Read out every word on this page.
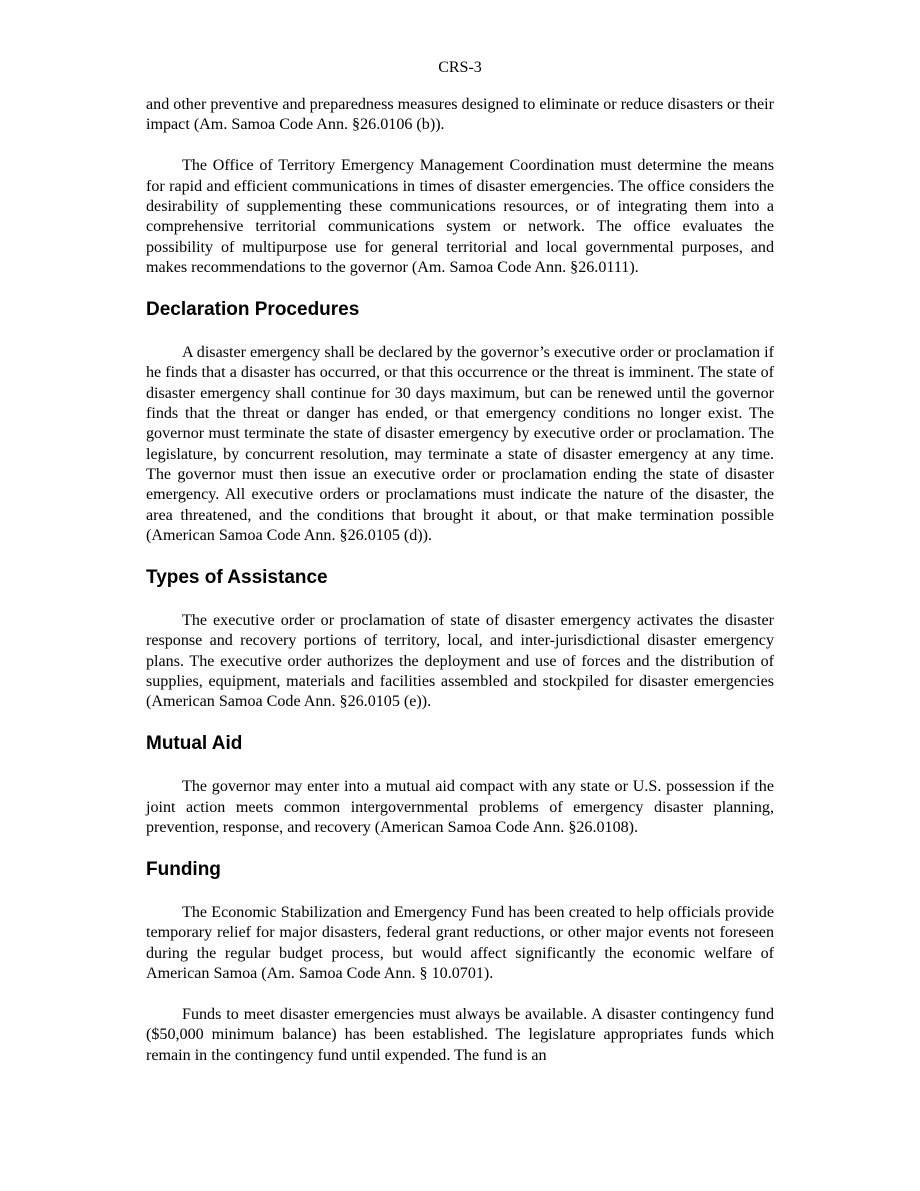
CRS-3

and other preventive and preparedness measures designed to eliminate or reduce disasters or their impact (Am. Samoa Code Ann. §26.0106 (b)).

The Office of Territory Emergency Management Coordination must determine the means for rapid and efficient communications in times of disaster emergencies. The office considers the desirability of supplementing these communications resources, or of integrating them into a comprehensive territorial communications system or network. The office evaluates the possibility of multipurpose use for general territorial and local governmental purposes, and makes recommendations to the governor (Am. Samoa Code Ann. §26.0111).

Declaration Procedures

A disaster emergency shall be declared by the governor’s executive order or proclamation if he finds that a disaster has occurred, or that this occurrence or the threat is imminent. The state of disaster emergency shall continue for 30 days maximum, but can be renewed until the governor finds that the threat or danger has ended, or that emergency conditions no longer exist. The governor must terminate the state of disaster emergency by executive order or proclamation. The legislature, by concurrent resolution, may terminate a state of disaster emergency at any time. The governor must then issue an executive order or proclamation ending the state of disaster emergency. All executive orders or proclamations must indicate the nature of the disaster, the area threatened, and the conditions that brought it about, or that make termination possible (American Samoa Code Ann. §26.0105 (d)).

Types of Assistance

The executive order or proclamation of state of disaster emergency activates the disaster response and recovery portions of territory, local, and inter-jurisdictional disaster emergency plans. The executive order authorizes the deployment and use of forces and the distribution of supplies, equipment, materials and facilities assembled and stockpiled for disaster emergencies (American Samoa Code Ann. §26.0105 (e)).

Mutual Aid

The governor may enter into a mutual aid compact with any state or U.S. possession if the joint action meets common intergovernmental problems of emergency disaster planning, prevention, response, and recovery (American Samoa Code Ann. §26.0108).

Funding

The Economic Stabilization and Emergency Fund has been created to help officials provide temporary relief for major disasters, federal grant reductions, or other major events not foreseen during the regular budget process, but would affect significantly the economic welfare of American Samoa (Am. Samoa Code Ann. § 10.0701).

Funds to meet disaster emergencies must always be available. A disaster contingency fund ($50,000 minimum balance) has been established. The legislature appropriates funds which remain in the contingency fund until expended. The fund is an
